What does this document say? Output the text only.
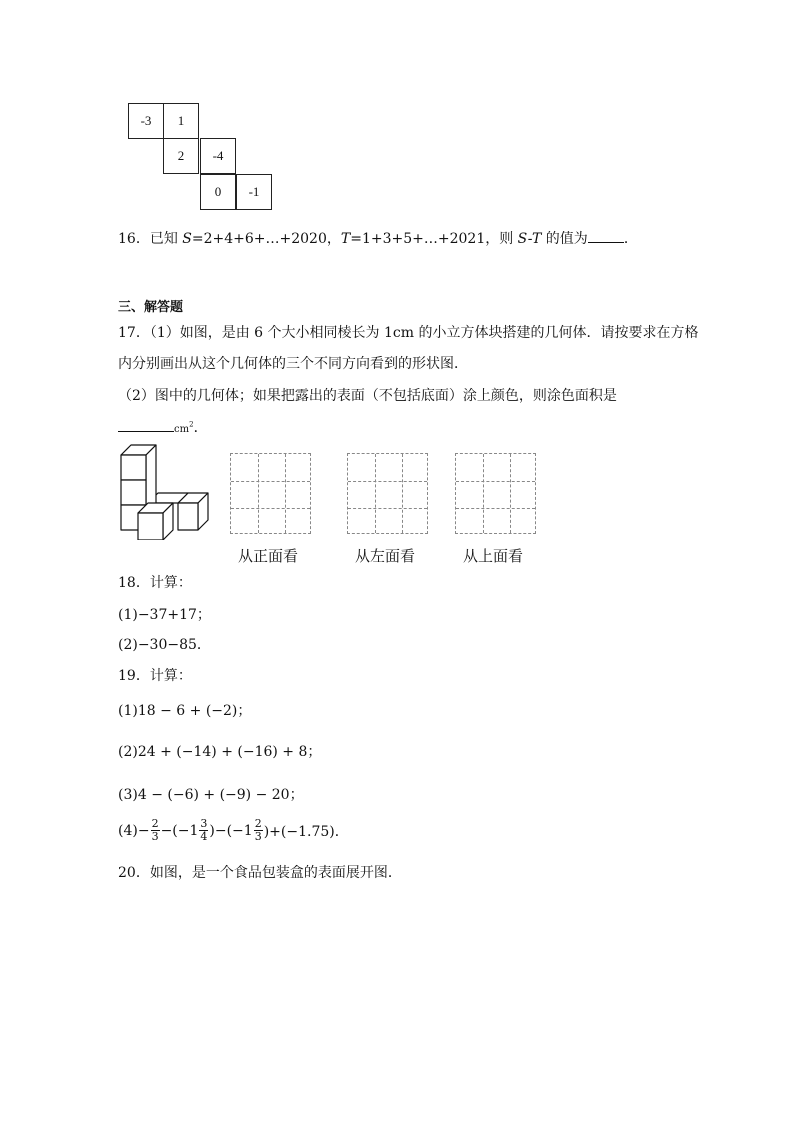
-3	1
2	-4
0	-1
16．已知 S=2+4+6+…+2020，T=1+3+5+…+2021，则 S-T 的值为	．
三、解答题
17．（1）如图，是由 6 个大小相同棱长为 1cm 的小立方体块搭建的几何体．请按要求在方格
内分别画出从这个几何体的三个不同方向看到的形状图．
（2）图中的几何体；如果把露出的表面（不包括底面）涂上颜色，则涂色面积是
$cm^2$．
从正面看	从左面看	从上面看
18．计算：
(1)−37+17；
(2)−30−85．
19．计算：
(1)18 − 6 + (−2)；
(2)24 + (−14) + (−16) + 8；
(3)4 − (−6) + (−9) − 20；
$(4)- \frac{2}{3} -(-1 \frac{3}{4} )-(-1 \frac{2}{3} )+(-1.75)$．
20．如图，是一个食品包装盒的表面展开图．
